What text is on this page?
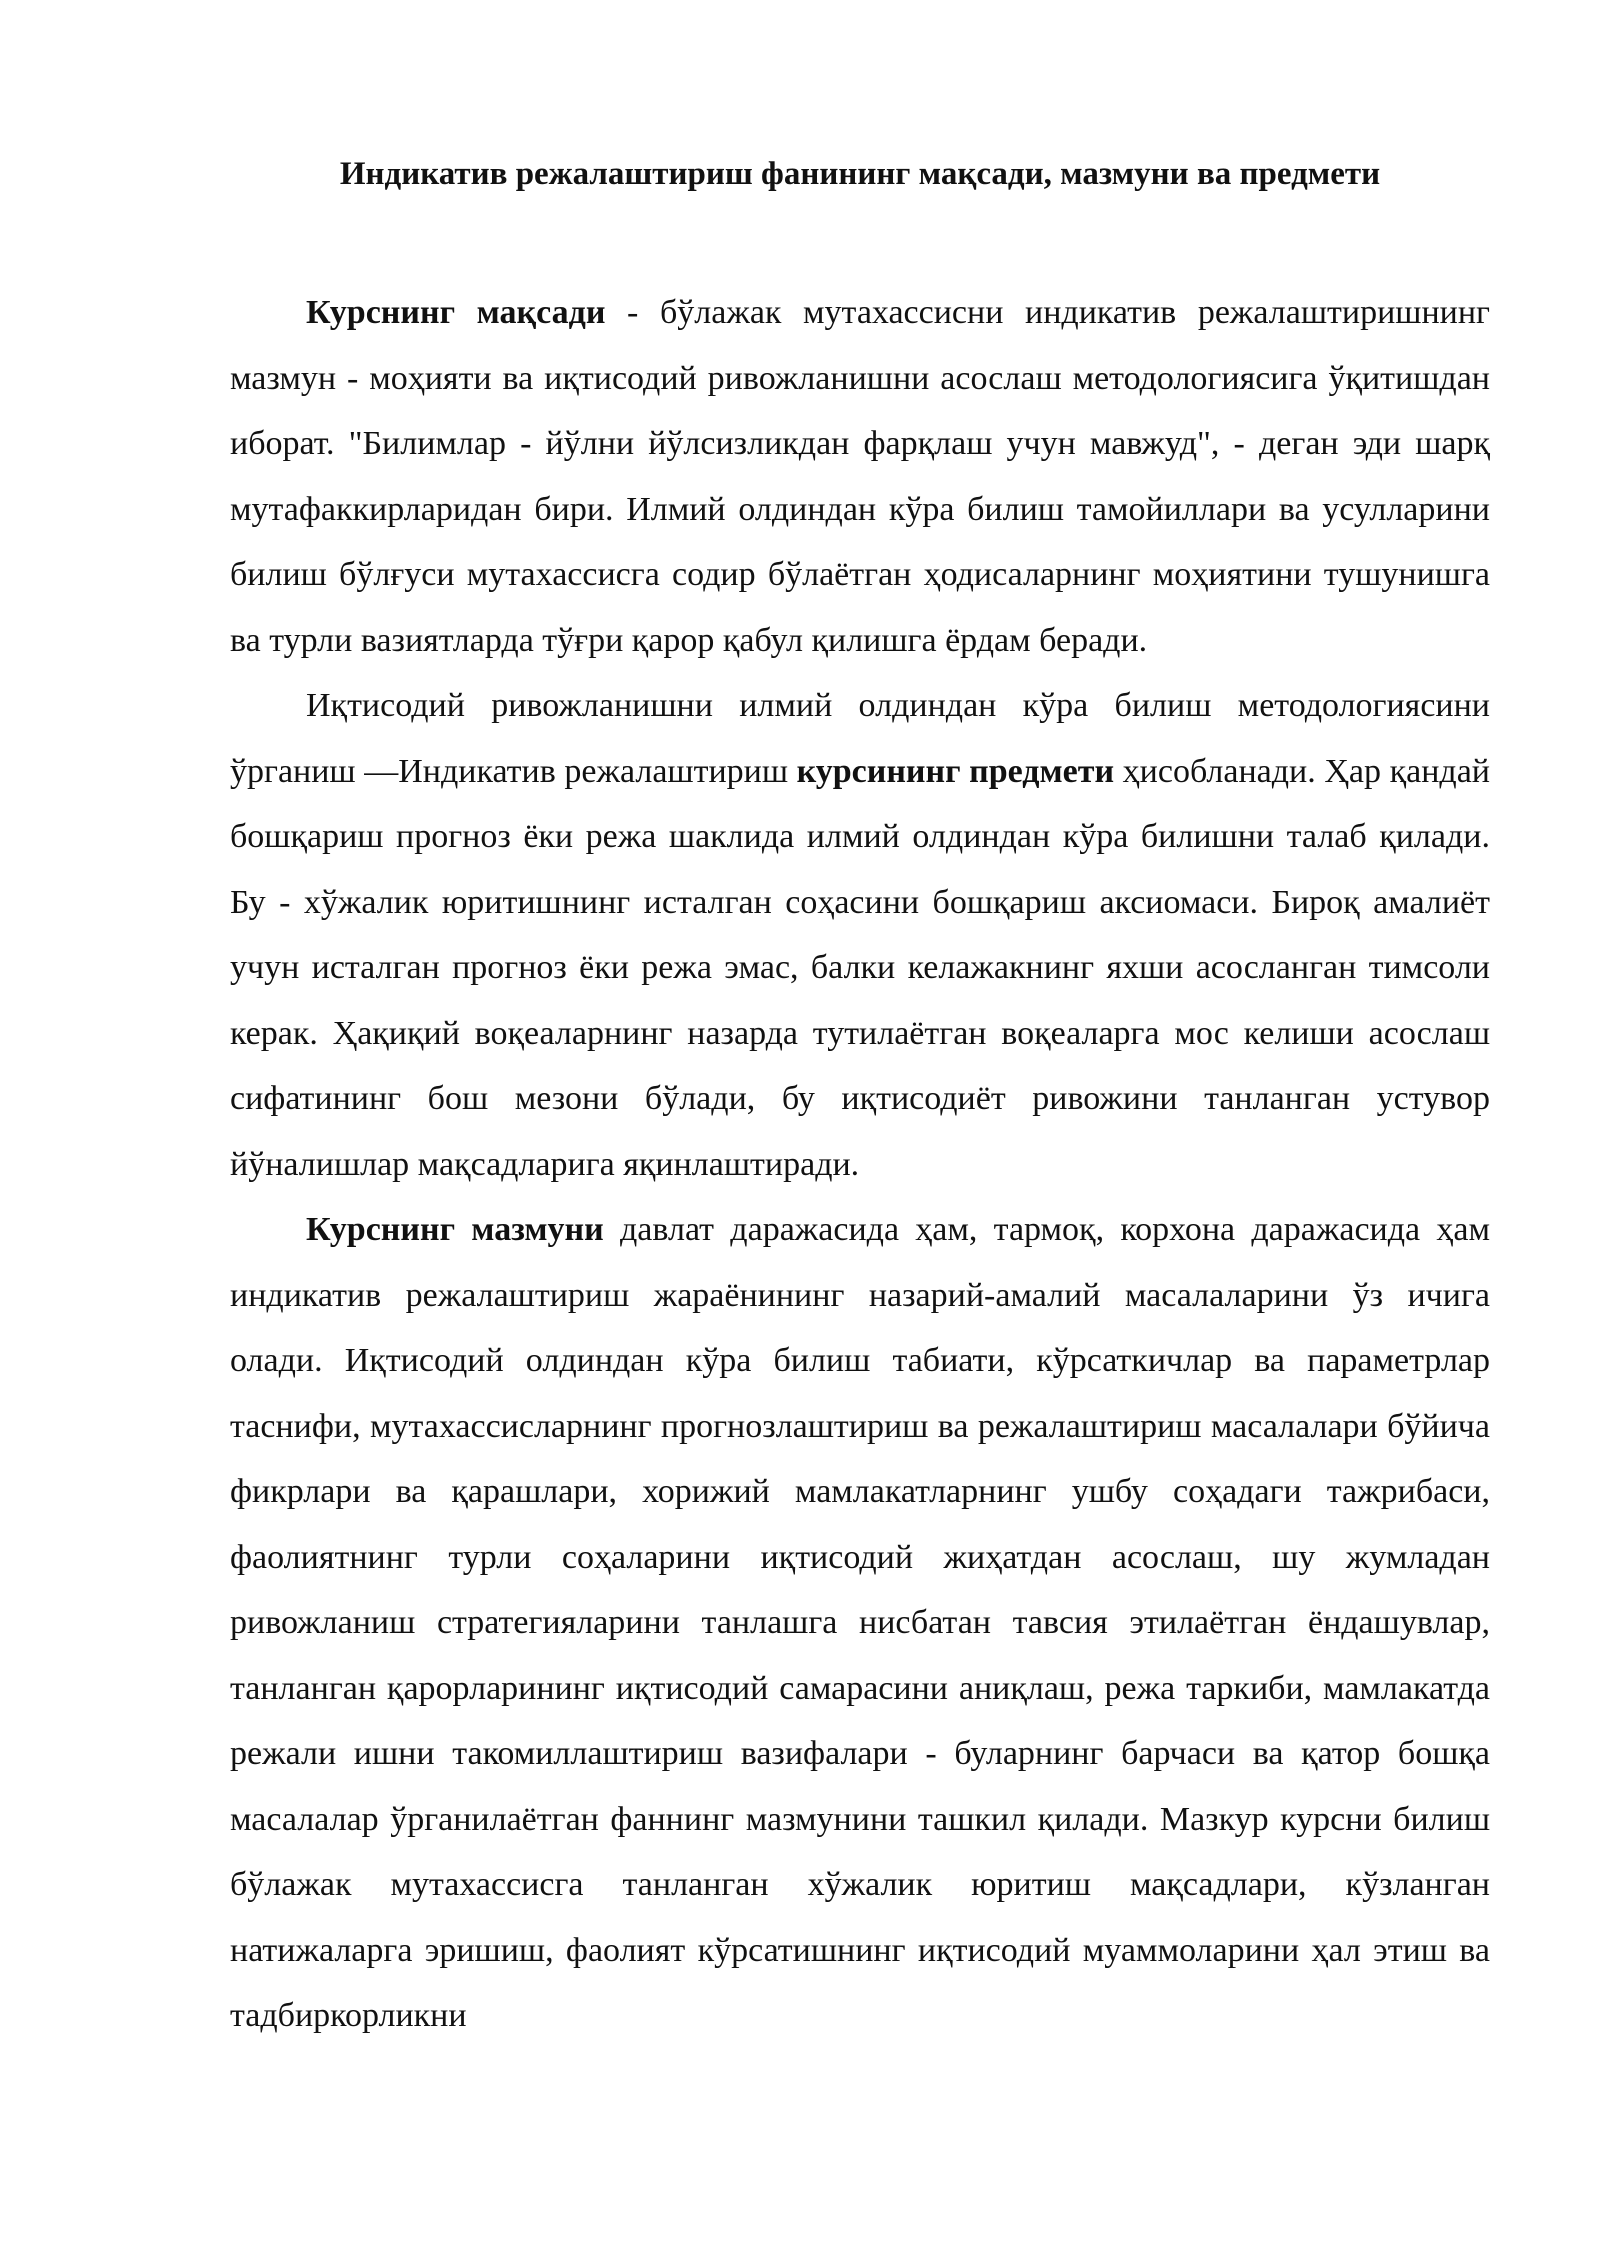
Индикатив режалаштириш фанининг мақсади, мазмуни ва предмети

Курснинг мақсади - бўлажак мутахассисни индикатив режалаштиришнинг мазмун - моҳияти ва иқтисодий ривожланишни асослаш методологиясига ўқитишдан иборат. "Билимлар - йўлни йўлсизликдан фарқлаш учун мавжуд", - деган эди шарқ мутафаккирларидан бири. Илмий олдиндан кўра билиш тамойиллари ва усулларини билиш бўлғуси мутахассисга содир бўлаётган ҳодисаларнинг моҳиятини тушунишга ва турли вазиятларда тўғри қарор қабул қилишга ёрдам беради.

Иқтисодий ривожланишни илмий олдиндан кўра билиш методологиясини ўрганиш —Индикатив режалаштириш курсининг предмети ҳисобланади. Ҳар қандай бошқариш прогноз ёки режа шаклида илмий олдиндан кўра билишни талаб қилади. Бу - хўжалик юритишнинг исталган соҳасини бошқариш аксиомаси. Бироқ амалиёт учун исталган прогноз ёки режа эмас, балки келажакнинг яхши асосланган тимсоли керак. Ҳақиқий воқеаларнинг назарда тутилаётган воқеаларга мос келиши асослаш сифатининг бош мезони бўлади, бу иқтисодиёт ривожини танланган устувор йўналишлар мақсадларига яқинлаштиради.

Курснинг мазмуни давлат даражасида ҳам, тармоқ, корхона даражасида ҳам индикатив режалаштириш жараёнининг назарий-амалий масалаларини ўз ичига олади. Иқтисодий олдиндан кўра билиш табиати, кўрсаткичлар ва параметрлар таснифи, мутахассисларнинг прогнозлаштириш ва режалаштириш масалалари бўйича фикрлари ва қарашлари, хорижий мамлакатларнинг ушбу соҳадаги тажрибаси, фаолиятнинг турли соҳаларини иқтисодий жиҳатдан асослаш, шу жумладан ривожланиш стратегияларини танлашга нисбатан тавсия этилаётган ёндашувлар, танланган қарорларининг иқтисодий самарасини аниқлаш, режа таркиби, мамлакатда режали ишни такомиллаштириш вазифалари - буларнинг барчаси ва қатор бошқа масалалар ўрганилаётган фаннинг мазмунини ташкил қилади. Мазкур курсни билиш бўлажак мутахассисга танланган хўжалик юритиш мақсадлари, кўзланган натижаларга эришиш, фаолият кўрсатишнинг иқтисодий муаммоларини ҳал этиш ва тадбиркорликни
